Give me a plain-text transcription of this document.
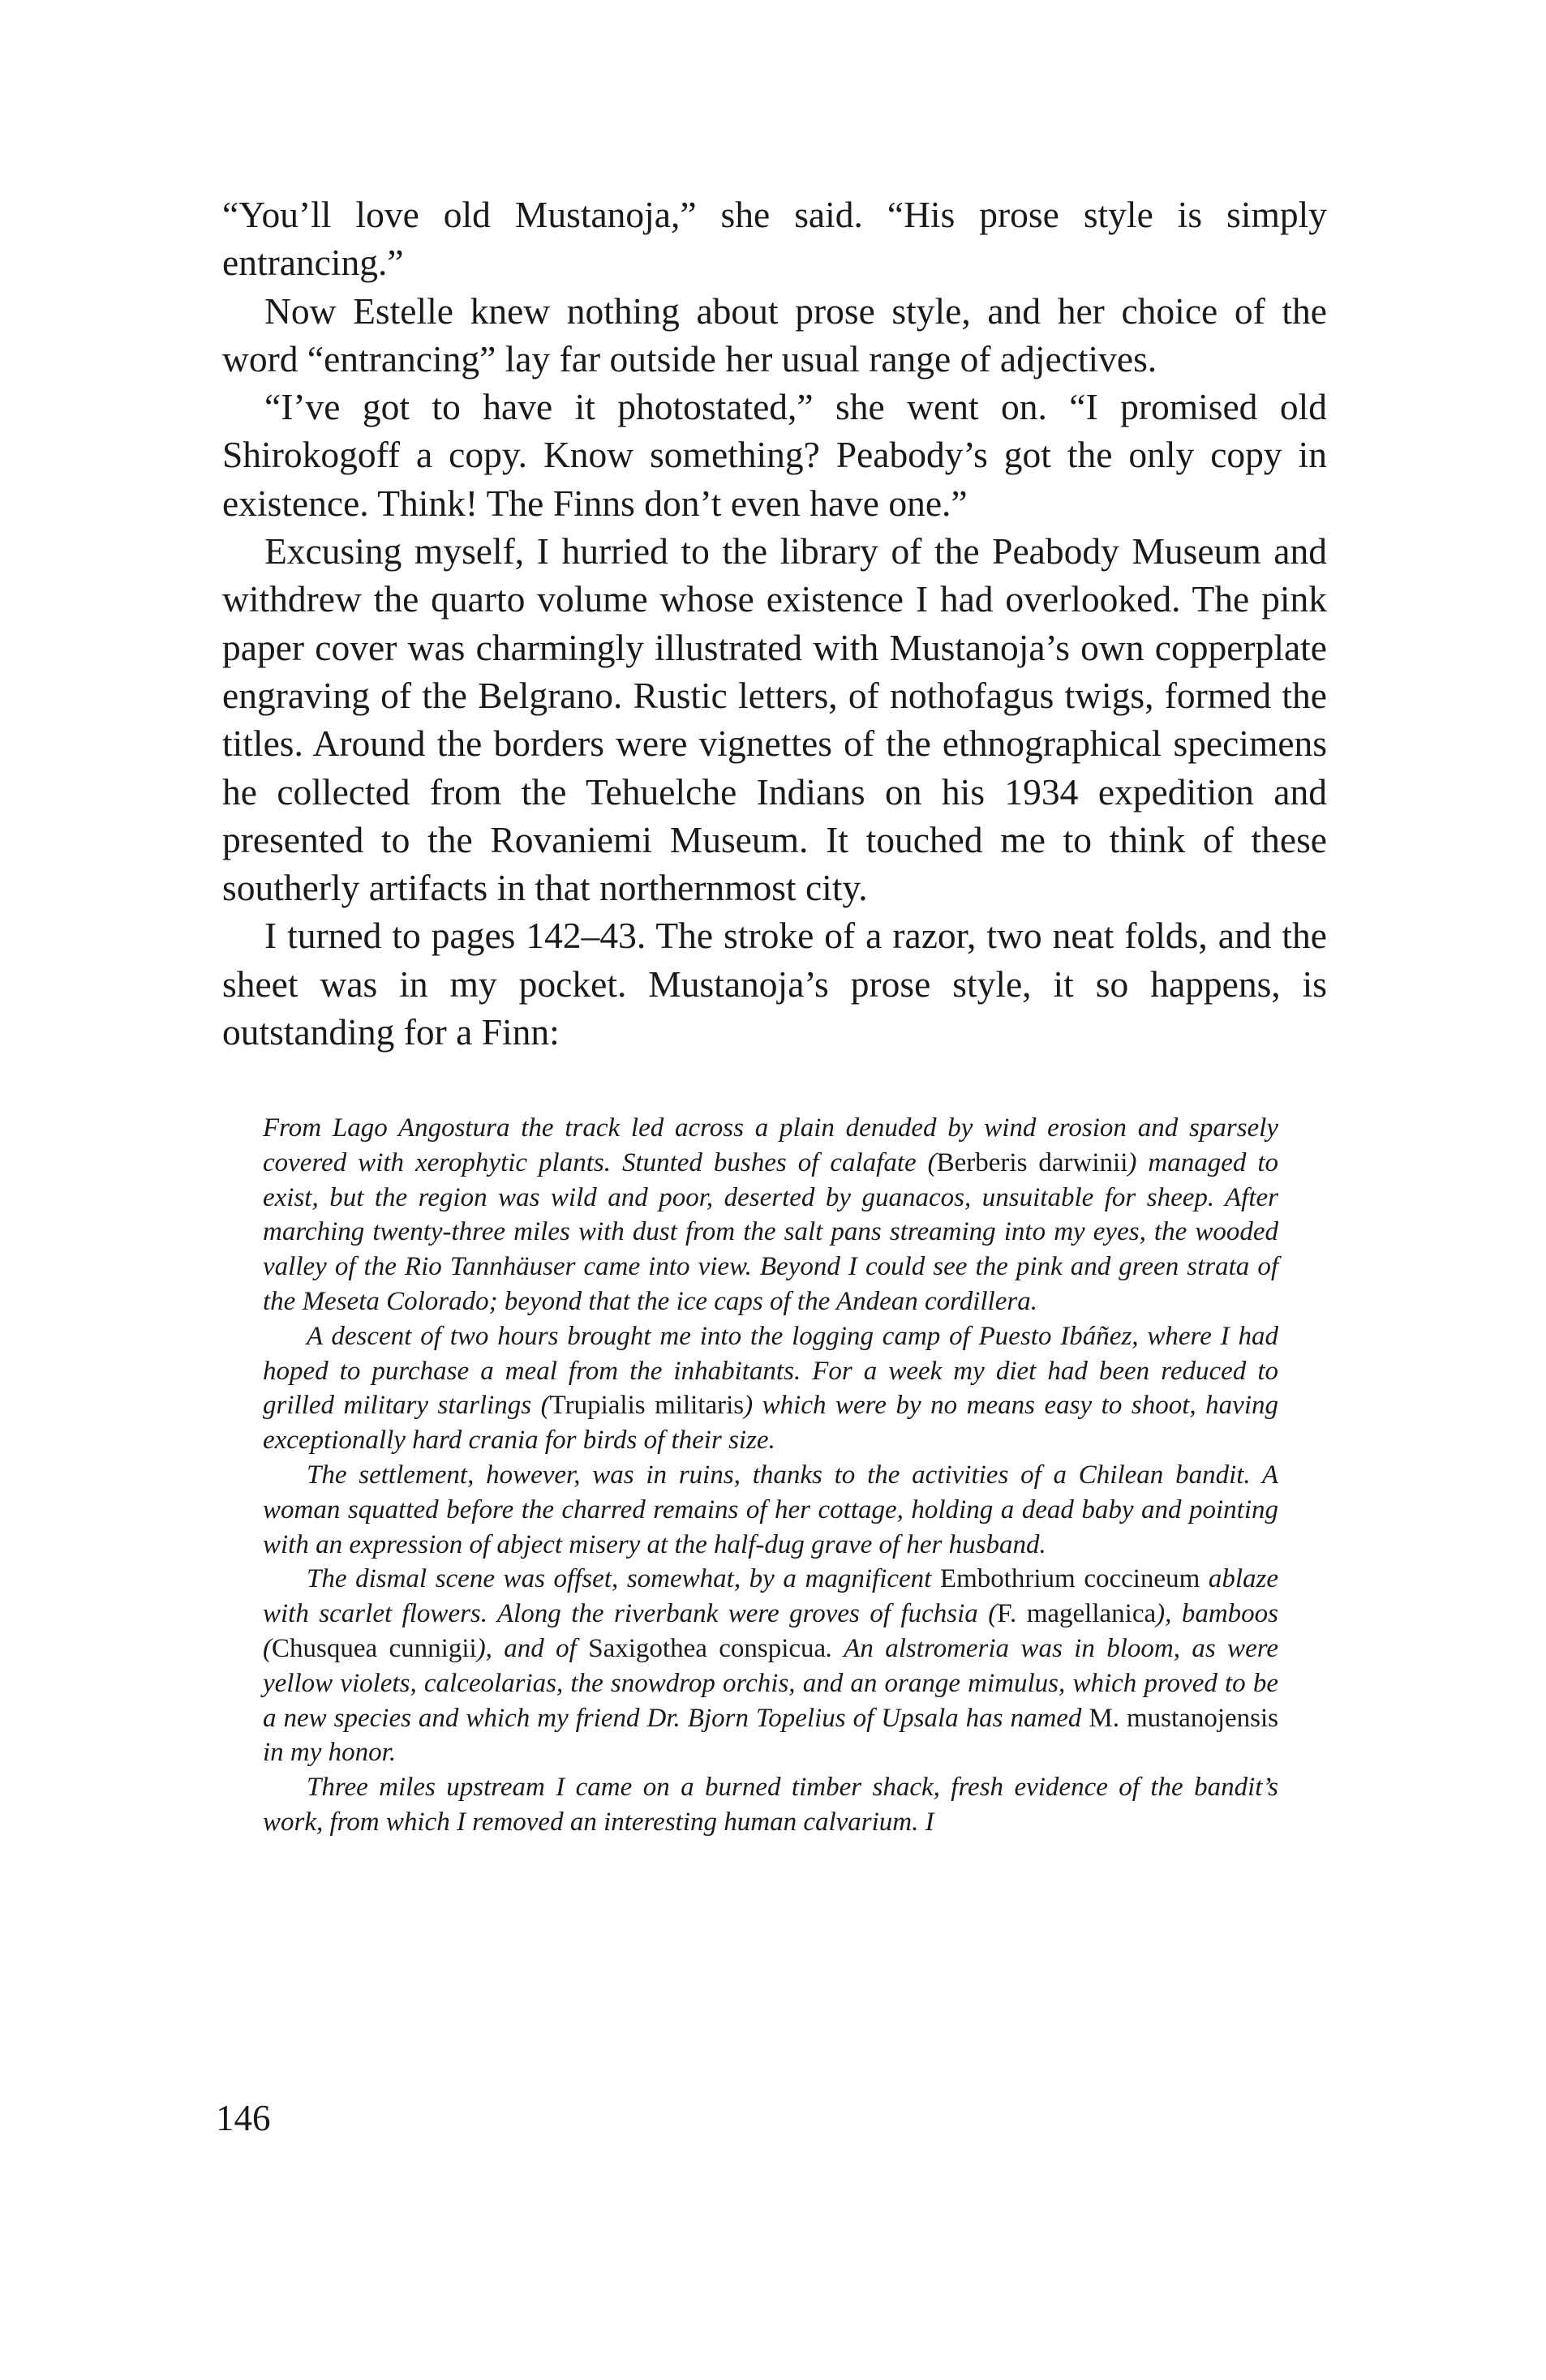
“You’ll love old Mustanoja,” she said. “His prose style is simply entrancing.”

Now Estelle knew nothing about prose style, and her choice of the word “entrancing” lay far outside her usual range of adjectives.

“I’ve got to have it photostated,” she went on. “I promised old Shirokogoff a copy. Know something? Peabody’s got the only copy in existence. Think! The Finns don’t even have one.”

Excusing myself, I hurried to the library of the Peabody Museum and withdrew the quarto volume whose existence I had overlooked. The pink paper cover was charmingly illustrated with Mustanoja’s own copperplate engraving of the Belgrano. Rustic letters, of nothofagus twigs, formed the titles. Around the borders were vignettes of the ethnographical specimens he collected from the Tehuelche Indians on his 1934 expedition and presented to the Rovaniemi Museum. It touched me to think of these southerly artifacts in that northernmost city.

I turned to pages 142–43. The stroke of a razor, two neat folds, and the sheet was in my pocket. Mustanoja’s prose style, it so happens, is outstanding for a Finn:

From Lago Angostura the track led across a plain denuded by wind erosion and sparsely covered with xerophytic plants. Stunted bushes of calafate (Berberis darwinii) managed to exist, but the region was wild and poor, deserted by guanacos, unsuitable for sheep. After marching twenty-three miles with dust from the salt pans streaming into my eyes, the wooded valley of the Rio Tannhäuser came into view. Beyond I could see the pink and green strata of the Meseta Colorado; beyond that the ice caps of the Andean cordillera.

A descent of two hours brought me into the logging camp of Puesto Ibáñez, where I had hoped to purchase a meal from the inhabitants. For a week my diet had been reduced to grilled military starlings (Trupialis militaris) which were by no means easy to shoot, having exceptionally hard crania for birds of their size.

The settlement, however, was in ruins, thanks to the activities of a Chilean bandit. A woman squatted before the charred remains of her cottage, holding a dead baby and pointing with an expression of abject misery at the half-dug grave of her husband.

The dismal scene was offset, somewhat, by a magnificent Embothrium coccineum ablaze with scarlet flowers. Along the riverbank were groves of fuchsia (F. magellanica), bamboos (Chusquea cunnigii), and of Saxigothea conspicua. An alstromeria was in bloom, as were yellow violets, calceolarias, the snowdrop orchis, and an orange mimulus, which proved to be a new species and which my friend Dr. Bjorn Topelius of Upsala has named M. mustanojensis in my honor.

Three miles upstream I came on a burned timber shack, fresh evidence of the bandit’s work, from which I removed an interesting human calvarium. I

146
